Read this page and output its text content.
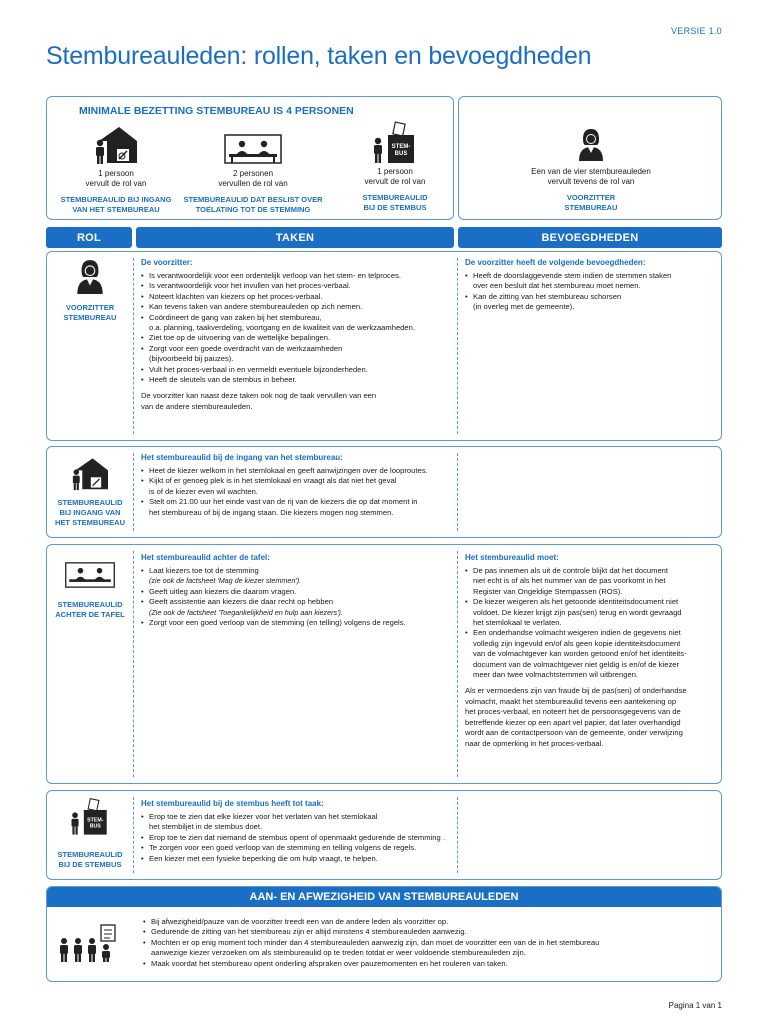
VERSIE 1.0
Stembureauleden: rollen, taken en bevoegdheden
MINIMALE BEZETTING STEMBUREAU IS 4 PERSONEN
1 persoon
vervult de rol van
STEMBUREAULID BIJ INGANG
VAN HET STEMBUREAU
2 personen
vervullen de rol van
STEMBUREAULID DAT BESLIST OVER
TOELATING TOT DE STEMMING
STEM-
BUS
1 persoon
vervult de rol van
STEMBUREAULID
BIJ DE STEMBUS
Een van de vier stembureauleden
vervult tevens de rol van
VOORZITTER
STEMBUREAU
ROL	TAKEN	BEVOEGDHEDEN
VOORZITTER
STEMBUREAU
De voorzitter:
• Is verantwoordelijk voor een ordentelijk verloop van het stem- en telproces.
• Is verantwoordelijk voor het invullen van het proces-verbaal.
• Noteert klachten van kiezers op het proces-verbaal.
• Kan tevens taken van andere stembureauleden op zich nemen.
• Coördineert de gang van zaken bij het stembureau,
o.a. planning, taakverdeling, voortgang en de kwaliteit van de werkzaamheden.
• Ziet toe op de uitvoering van de wettelijke bepalingen.
• Zorgt voor een goede overdracht van de werkzaamheden
(bijvoorbeeld bij pauzes).
• Vult het proces-verbaal in en vermeldt eventuele bijzonderheden.
• Heeft de sleutels van de stembus in beheer.
De voorzitter kan naast deze taken ook nog de taak vervullen van een
van de andere stembureauleden.
De voorzitter heeft de volgende bevoegdheden:
• Heeft de doorslaggevende stem indien de stemmen staken
over een besluit dat het stembureau moet nemen.
• Kan de zitting van het stembureau schorsen
(in overleg met de gemeente).
STEMBUREAULID
BIJ INGANG VAN
HET STEMBUREAU
Het stembureaulid bij de ingang van het stembureau:
• Heet de kiezer welkom in het stemlokaal en geeft aanwijzingen over de looproutes.
• Kijkt of er genoeg plek is in het stemlokaal en vraagt als dat niet het geval
is of de kiezer even wil wachten.
• Stelt om 21.00 uur het einde vast van de rij van de kiezers die op dat moment in
het stembureau of bij de ingang staan. Die kiezers mogen nog stemmen.
STEMBUREAULID
ACHTER DE TAFEL
Het stembureaulid achter de tafel:
• Laat kiezers toe tot de stemming
(zie ook de factsheet 'Mag de kiezer stemmen').
• Geeft uitleg aan kiezers die daarom vragen.
• Geeft assistentie aan kiezers die daar recht op hebben
(Zie ook de factsheet 'Toegankelijkheid en hulp aan kiezers').
• Zorgt voor een goed verloop van de stemming (en telling) volgens de regels.
Het stembureaulid moet:
• De pas innemen als uit de controle blijkt dat het document
niet echt is of als het nummer van de pas voorkomt in het
Register van Ongeldige Stempassen (ROS).
• De kiezer weigeren als het getoonde identiteitsdocument niet
voldoet. De kiezer krijgt zijn pas(sen) terug en wordt gevraagd
het stemlokaal te verlaten.
• Een onderhandse volmacht weigeren indien de gegevens niet
volledig zijn ingevuld en/of als geen kopie identiteitsdocument
van de volmachtgever kan worden getoond en/of het identiteits-
document van de volmachtgever niet geldig is en/of de kiezer
meer dan twee volmachtstemmen wil uitbrengen.
Als er vermoedens zijn van fraude bij de pas(sen) of onderhandse
volmacht, maakt het stembureaulid tevens een aantekening op
het proces-verbaal, en noteert het de persoonsgegevens van de
betreffende kiezer op een apart vel papier, dat later overhandigd
wordt aan de contactpersoon van de gemeente, onder verwijzing
naar de opmerking in het proces-verbaal.
STEM-
BUS
STEMBUREAULID
BIJ DE STEMBUS
Het stembureaulid bij de stembus heeft tot taak:
• Erop toe te zien dat elke kiezer voor het verlaten van het stemlokaal
het stembiljet in de stembus doet.
• Erop toe te zien dat niemand de stembus opent of openmaakt gedurende de stemming .
• Te zorgen voor een goed verloop van de stemming en telling volgens de regels.
• Een kiezer met een fysieke beperking die om hulp vraagt, te helpen.
AAN- EN AFWEZIGHEID VAN STEMBUREAULEDEN
• Bij afwezigheid/pauze van de voorzitter treedt een van de andere leden als voorzitter op.
• Gedurende de zitting van het stembureau zijn er altijd minstens 4 stembureauleden aanwezig.
• Mochten er op enig moment toch minder dan 4 stembureauleden aanwezig zijn, dan moet de voorzitter een van de in het stembureau
aanwezige kiezer verzoeken om als stembureaulid op te treden totdat er weer voldoende stembureauleden zijn.
• Maak voordat het stembureau opent onderling afspraken over pauzemomenten en het rouleren van taken.
Pagina 1 van 1
